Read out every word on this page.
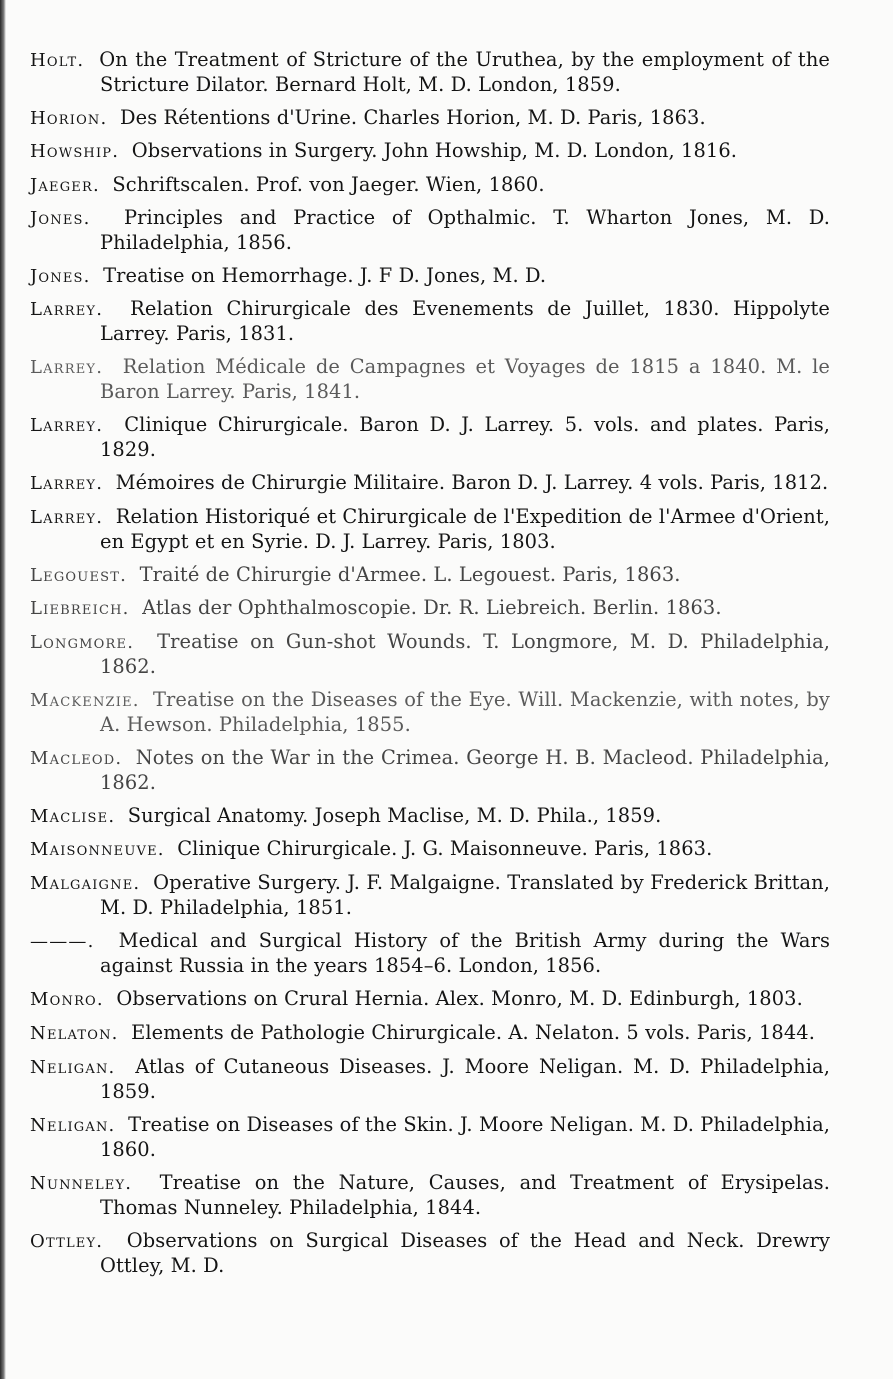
Holt. On the Treatment of Stricture of the Uruthea, by the employment of the Stricture Dilator. Bernard Holt, M. D. London, 1859.

Horion. Des Rétentions d'Urine. Charles Horion, M. D. Paris, 1863.

Howship. Observations in Surgery. John Howship, M. D. London, 1816.

Jaeger. Schriftscalen. Prof. von Jaeger. Wien, 1860.

Jones. Principles and Practice of Opthalmic. T. Wharton Jones, M. D. Philadelphia, 1856.

Jones. Treatise on Hemorrhage. J. F D. Jones, M. D.

Larrey. Relation Chirurgicale des Evenements de Juillet, 1830. Hippolyte Larrey. Paris, 1831.

Larrey. Relation Médicale de Campagnes et Voyages de 1815 a 1840. M. le Baron Larrey. Paris, 1841.

Larrey. Clinique Chirurgicale. Baron D. J. Larrey. 5. vols. and plates. Paris, 1829.

Larrey. Mémoires de Chirurgie Militaire. Baron D. J. Larrey. 4 vols. Paris, 1812.

Larrey. Relation Historiqué et Chirurgicale de l'Expedition de l'Armee d'Orient, en Egypt et en Syrie. D. J. Larrey. Paris, 1803.

Legouest. Traité de Chirurgie d'Armee. L. Legouest. Paris, 1863.

Liebreich. Atlas der Ophthalmoscopie. Dr. R. Liebreich. Berlin. 1863.

Longmore. Treatise on Gun-shot Wounds. T. Longmore, M. D. Philadelphia, 1862.

Mackenzie. Treatise on the Diseases of the Eye. Will. Mackenzie, with notes, by A. Hewson. Philadelphia, 1855.

Macleod. Notes on the War in the Crimea. George H. B. Macleod. Philadelphia, 1862.

Maclise. Surgical Anatomy. Joseph Maclise, M. D. Phila., 1859.

Maisonneuve. Clinique Chirurgicale. J. G. Maisonneuve. Paris, 1863.

Malgaigne. Operative Surgery. J. F. Malgaigne. Translated by Frederick Brittan, M. D. Philadelphia, 1851.

———. Medical and Surgical History of the British Army during the Wars against Russia in the years 1854–6. London, 1856.

Monro. Observations on Crural Hernia. Alex. Monro, M. D. Edinburgh, 1803.

Nelaton. Elements de Pathologie Chirurgicale. A. Nelaton. 5 vols. Paris, 1844.

Neligan. Atlas of Cutaneous Diseases. J. Moore Neligan. M. D. Philadelphia, 1859.

Neligan. Treatise on Diseases of the Skin. J. Moore Neligan. M. D. Philadelphia, 1860.

Nunneley. Treatise on the Nature, Causes, and Treatment of Erysipelas. Thomas Nunneley. Philadelphia, 1844.

Ottley. Observations on Surgical Diseases of the Head and Neck. Drewry Ottley, M. D.
